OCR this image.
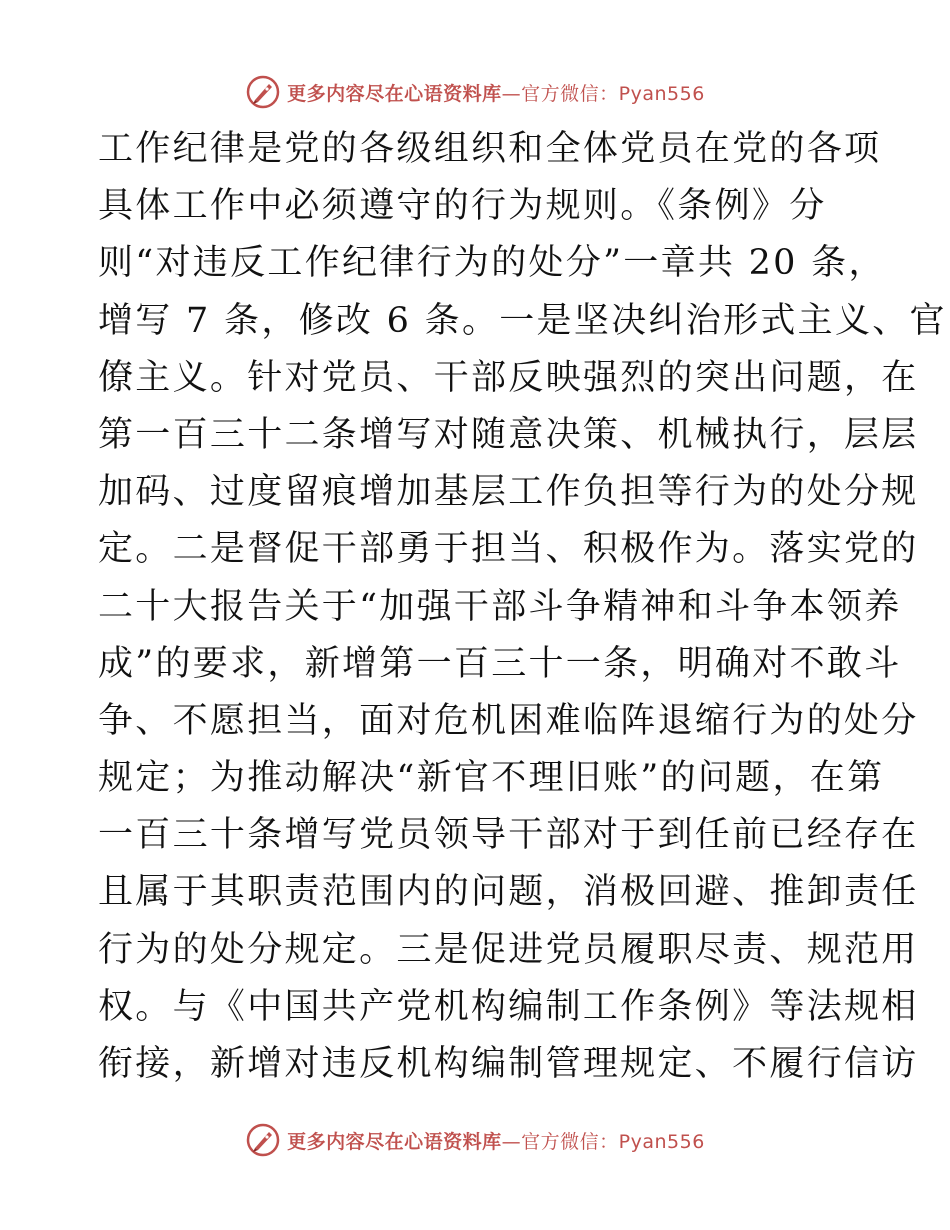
更多内容尽在心语资料库—官方微信：Pyan556
工作纪律是党的各级组织和全体党员在党的各项
具体工作中必须遵守的行为规则。《条例》分
则“对违反工作纪律行为的处分”一章共 20 条，
增写 7 条，修改 6 条。一是坚决纠治形式主义、官
僚主义。针对党员、干部反映强烈的突出问题，在
第一百三十二条增写对随意决策、机械执行，层层
加码、过度留痕增加基层工作负担等行为的处分规
定。二是督促干部勇于担当、积极作为。落实党的
二十大报告关于“加强干部斗争精神和斗争本领养
成”的要求，新增第一百三十一条，明确对不敢斗
争、不愿担当，面对危机困难临阵退缩行为的处分
规定；为推动解决“新官不理旧账”的问题，在第
一百三十条增写党员领导干部对于到任前已经存在
且属于其职责范围内的问题，消极回避、推卸责任
行为的处分规定。三是促进党员履职尽责、规范用
权。与《中国共产党机构编制工作条例》等法规相
衔接，新增对违反机构编制管理规定、不履行信访
更多内容尽在心语资料库—官方微信：Pyan556
